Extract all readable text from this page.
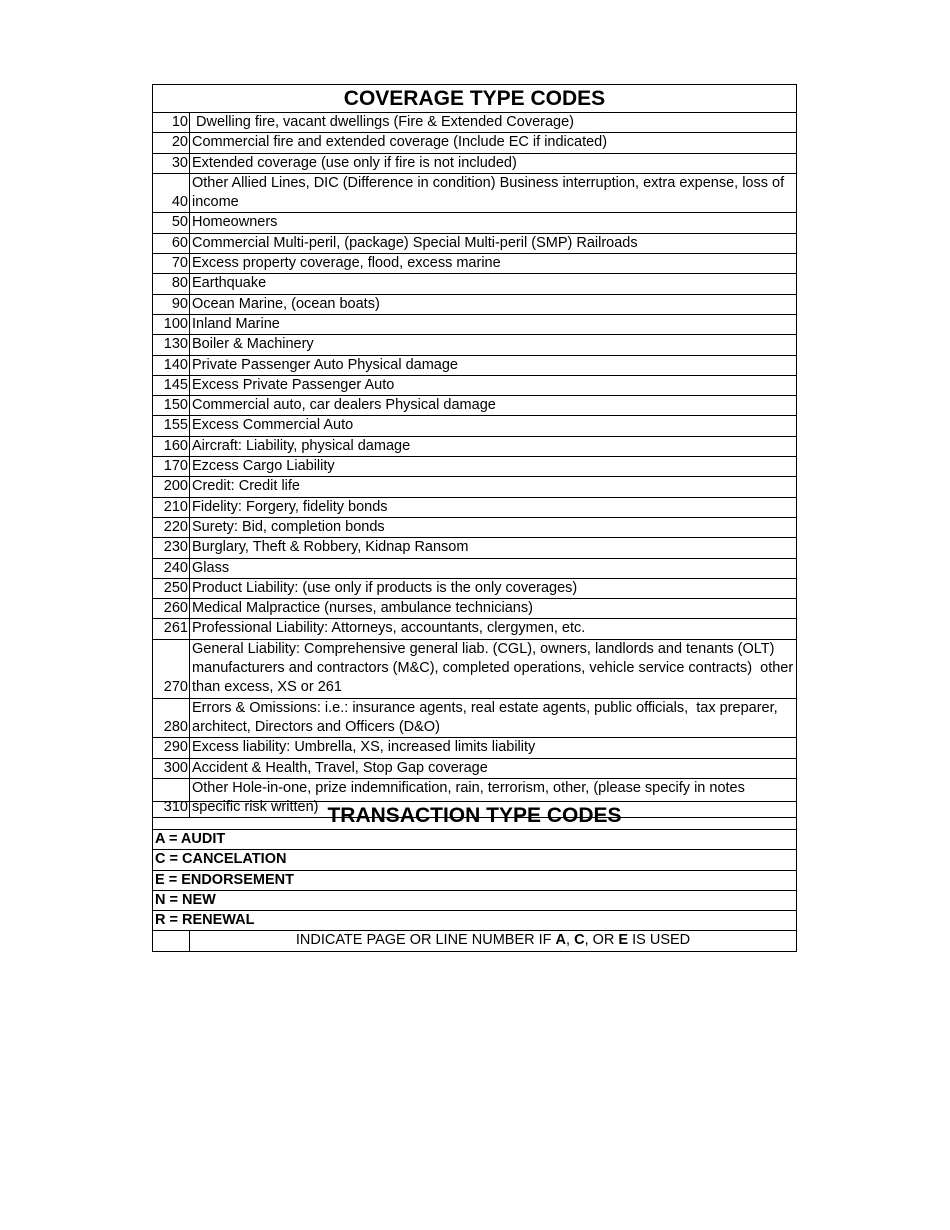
COVERAGE TYPE CODES	
10	Dwelling fire, vacant dwellings (Fire & Extended Coverage)
20	Commercial fire and extended coverage (Include EC if indicated)
30	Extended coverage (use only if fire is not included)
40	Other Allied Lines, DIC (Difference in condition) Business interruption, extra expense, loss of income
50	Homeowners
60	Commercial Multi-peril, (package) Special Multi-peril (SMP) Railroads
70	Excess property coverage, flood, excess marine
80	Earthquake
90	Ocean Marine, (ocean boats)
100	Inland Marine
130	Boiler & Machinery
140	Private Passenger Auto Physical damage
145	Excess Private Passenger Auto
150	Commercial auto, car dealers Physical damage
155	Excess Commercial Auto
160	Aircraft: Liability, physical damage
170	Ezcess Cargo Liability
200	Credit: Credit life
210	Fidelity: Forgery, fidelity bonds
220	Surety: Bid, completion bonds
230	Burglary, Theft & Robbery, Kidnap Ransom
240	Glass
250	Product Liability: (use only if products is the only coverages)
260	Medical Malpractice (nurses, ambulance technicians)
261	Professional Liability: Attorneys, accountants, clergymen, etc.
270	General Liability: Comprehensive general liab. (CGL), owners, landlords and tenants (OLT) manufacturers and contractors (M&C), completed operations, vehicle service contracts)  other than excess, XS or 261
280	Errors & Omissions: i.e.: insurance agents, real estate agents, public officials,  tax preparer, architect, Directors and Officers (D&O)
290	Excess liability: Umbrella, XS, increased limits liability
300	Accident & Health, Travel, Stop Gap coverage
310	Other Hole-in-one, prize indemnification, rain, terrorism, other, (please specify in notes specific risk written) TRANSACTION TYPE CODES
A = AUDIT
C = CANCELATION
E = ENDORSEMENT
N = NEW
R = RENEWAL
	INDICATE PAGE OR LINE NUMBER IF A, C, OR E IS USED
